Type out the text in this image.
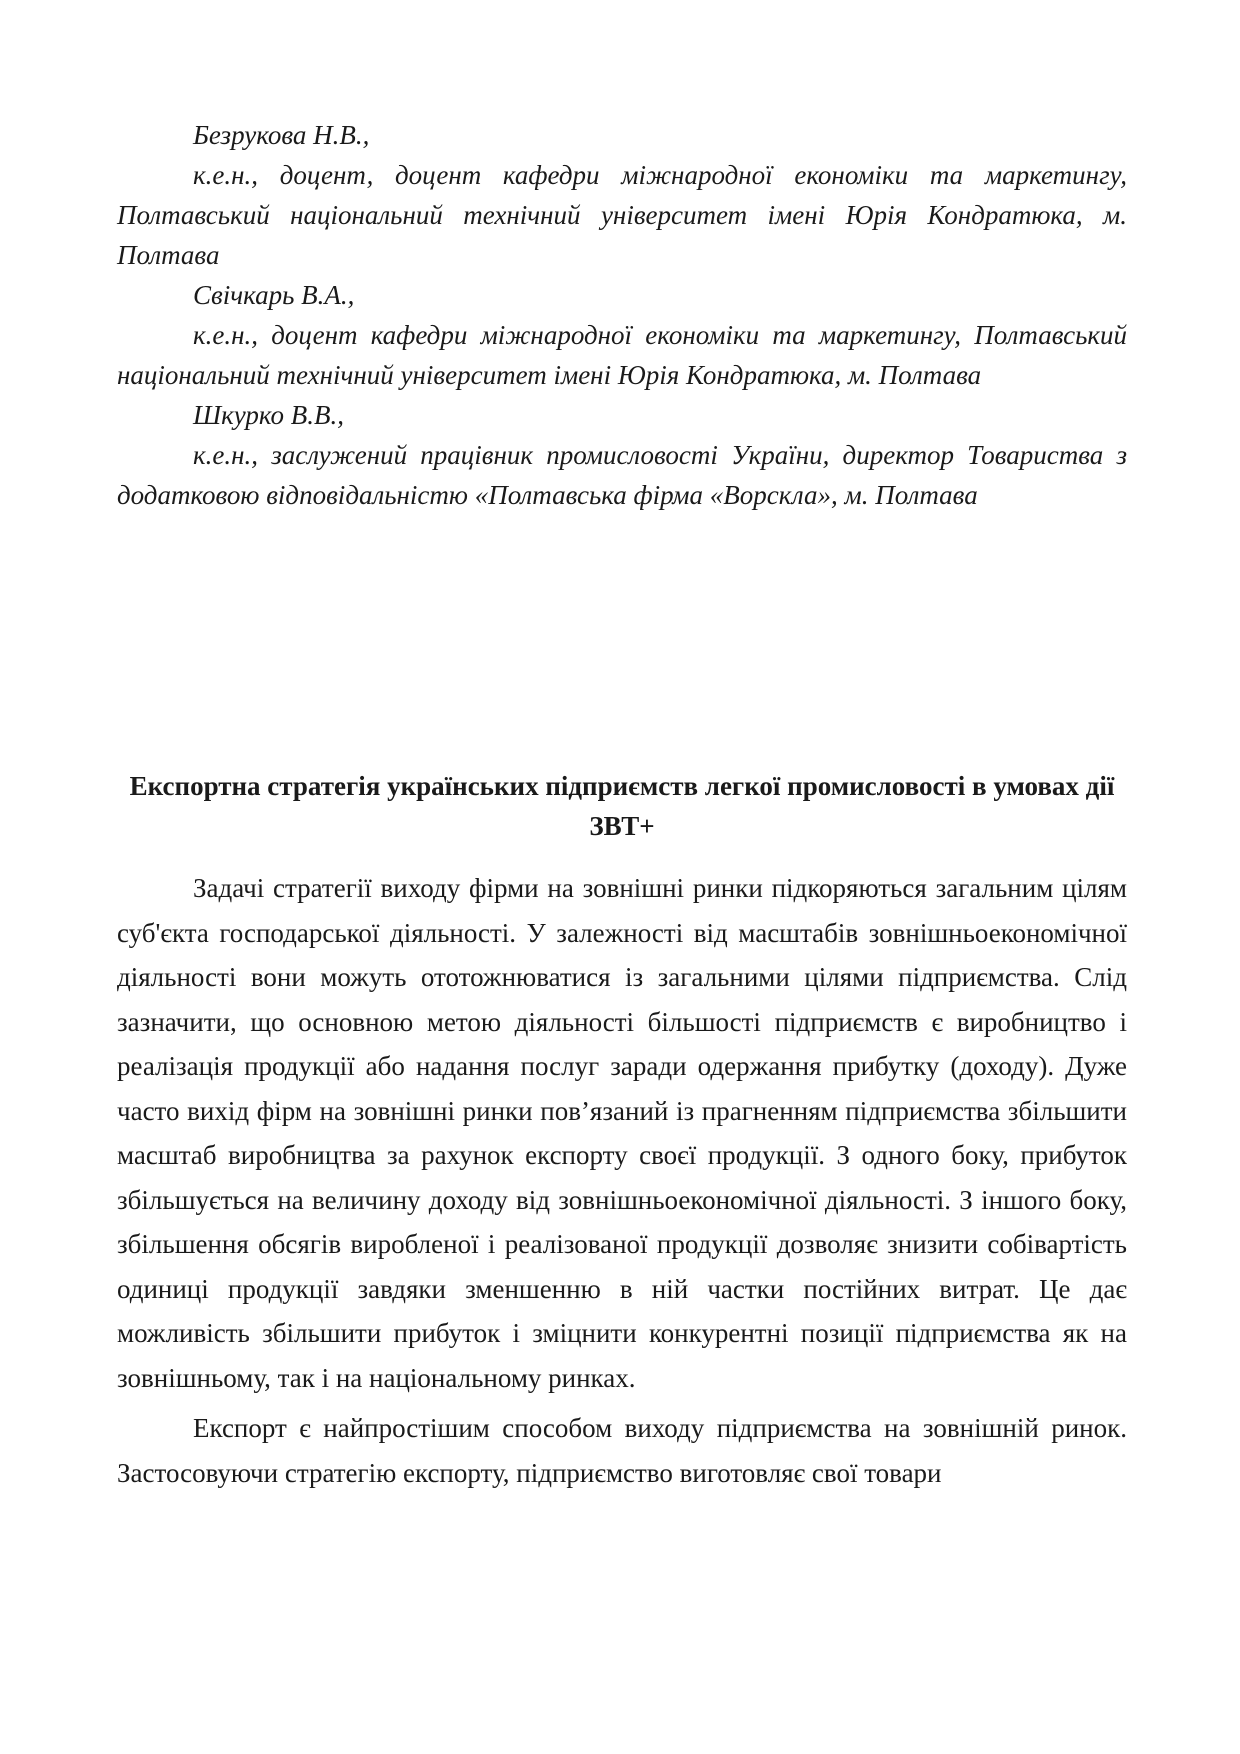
Безрукова Н.В.,
к.е.н., доцент, доцент кафедри міжнародної економіки та маркетингу, Полтавський національний технічний університет імені Юрія Кондратюка, м. Полтава
Свічкарь В.А.,
к.е.н., доцент кафедри міжнародної економіки та маркетингу, Полтавський національний технічний університет імені Юрія Кондратюка, м. Полтава
Шкурко В.В.,
к.е.н., заслужений працівник промисловості України, директор Товариства з додатковою відповідальністю «Полтавська фірма «Ворскла», м. Полтава
Експортна стратегія українських підприємств легкої промисловості в умовах дії ЗВТ+

Задачі стратегії виходу фірми на зовнішні ринки підкоряються загальним цілям суб'єкта господарської діяльності. У залежності від масштабів зовнішньоекономічної діяльності вони можуть ототожнюватися із загальними цілями підприємства. Слід зазначити, що основною метою діяльності більшості підприємств є виробництво і реалізація продукції або надання послуг заради одержання прибутку (доходу). Дуже часто вихід фірм на зовнішні ринки пов’язаний із прагненням підприємства збільшити масштаб виробництва за рахунок експорту своєї продукції. З одного боку, прибуток збільшується на величину доходу від зовнішньоекономічної діяльності. З іншого боку, збільшення обсягів виробленої і реалізованої продукції дозволяє знизити собівартість одиниці продукції завдяки зменшенню в ній частки постійних витрат. Це дає можливість збільшити прибуток і зміцнити конкурентні позиції підприємства як на зовнішньому, так і на національному ринках.

Експорт є найпростішим способом виходу підприємства на зовнішній ринок. Застосовуючи стратегію експорту, підприємство виготовляє свої товари
